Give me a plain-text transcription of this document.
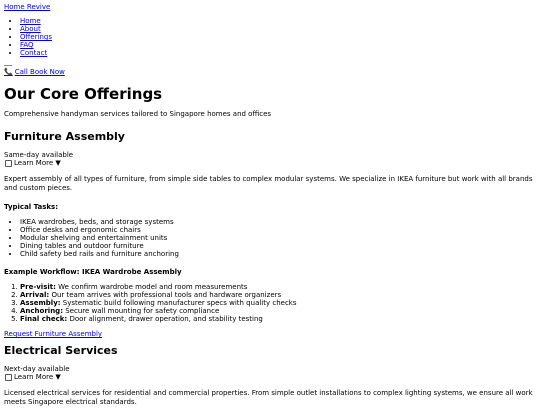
Home Revive
• Home
• About
• Offerings
• FAQ
• Contact
📞 Call Book Now
Our Core Offerings

Comprehensive handyman services tailored to Singapore homes and offices

Furniture Assembly
Same-day available
Learn More ▼

Expert assembly of all types of furniture, from simple side tables to complex modular systems. We specialize in IKEA furniture but work with all brands and custom pieces.

Typical Tasks:
• IKEA wardrobes, beds, and storage systems
• Office desks and ergonomic chairs
• Modular shelving and entertainment units
• Dining tables and outdoor furniture
• Child safety bed rails and furniture anchoring
Example Workflow: IKEA Wardrobe Assembly
1. Pre-visit: We confirm wardrobe model and room measurements
2. Arrival: Our team arrives with professional tools and hardware organizers
3. Assembly: Systematic build following manufacturer specs with quality checks
4. Anchoring: Secure wall mounting for safety compliance
5. Final check: Door alignment, drawer operation, and stability testing
Request Furniture Assembly
Electrical Services
Next-day available
Learn More ▼

Licensed electrical services for residential and commercial properties. From simple outlet installations to complex lighting systems, we ensure all work meets Singapore electrical standards.
